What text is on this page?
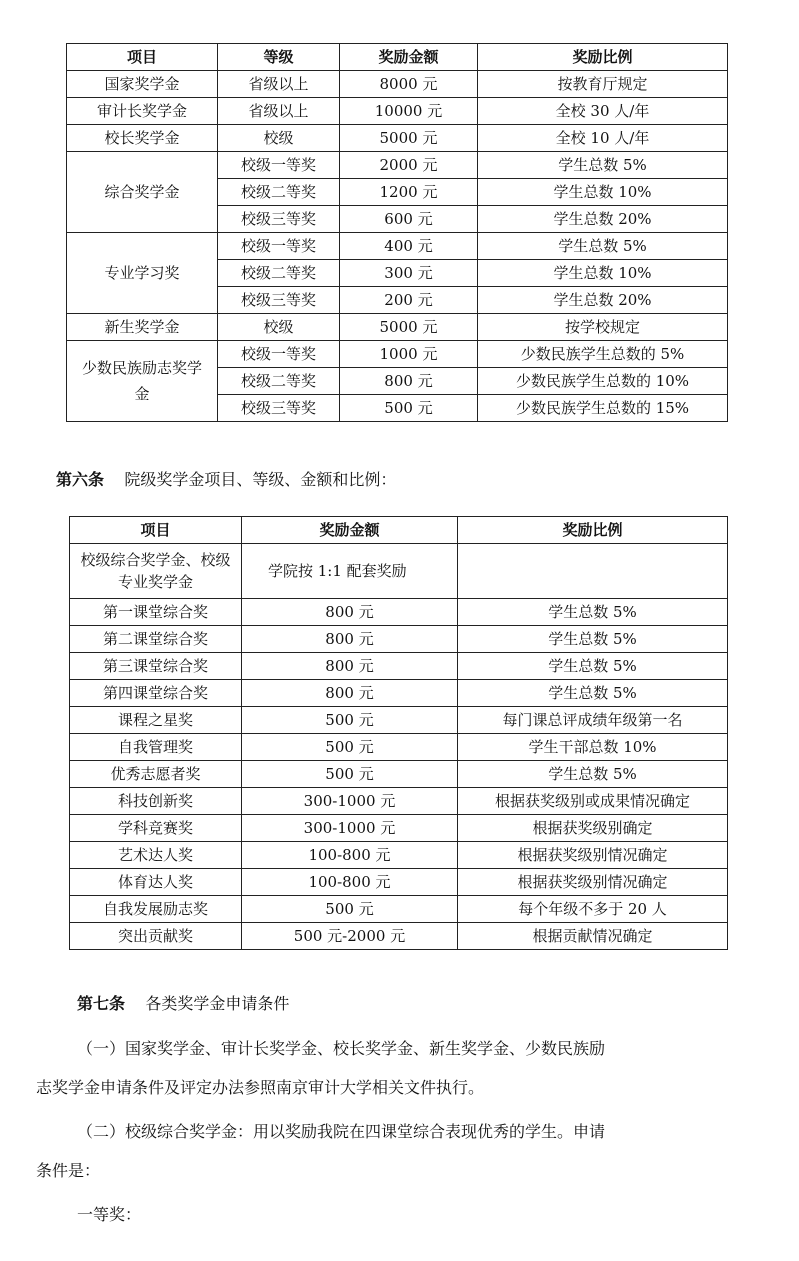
项目	等级	奖励金额	奖励比例
国家奖学金	省级以上	8000 元	按教育厅规定
审计长奖学金	省级以上	10000 元	全校 30 人/年
校长奖学金	校级	5000 元	全校 10 人/年
综合奖学金	校级一等奖	2000 元	学生总数 5%
	校级二等奖	1200 元	学生总数 10%
	校级三等奖	600 元	学生总数 20%
专业学习奖	校级一等奖	400 元	学生总数 5%
	校级二等奖	300 元	学生总数 10%
	校级三等奖	200 元	学生总数 20%
新生奖学金	校级	5000 元	按学校规定
少数民族励志奖学金	校级一等奖	1000 元	少数民族学生总数的 5%
	校级二等奖	800 元	少数民族学生总数的 10%
	校级三等奖	500 元	少数民族学生总数的 15%

第六条 院级奖学金项目、等级、金额和比例：

项目	奖励金额	奖励比例
校级综合奖学金、校级专业奖学金	学院按 1:1 配套奖励	
第一课堂综合奖	800 元	学生总数 5%
第二课堂综合奖	800 元	学生总数 5%
第三课堂综合奖	800 元	学生总数 5%
第四课堂综合奖	800 元	学生总数 5%
课程之星奖	500 元	每门课总评成绩年级第一名
自我管理奖	500 元	学生干部总数 10%
优秀志愿者奖	500 元	学生总数 5%
科技创新奖	300-1000 元	根据获奖级别或成果情况确定
学科竞赛奖	300-1000 元	根据获奖级别确定
艺术达人奖	100-800 元	根据获奖级别情况确定
体育达人奖	100-800 元	根据获奖级别情况确定
自我发展励志奖	500 元	每个年级不多于 20 人
突出贡献奖	500 元-2000 元	根据贡献情况确定

第七条 各类奖学金申请条件

（一）国家奖学金、审计长奖学金、校长奖学金、新生奖学金、少数民族励

志奖学金申请条件及评定办法参照南京审计大学相关文件执行。

（二）校级综合奖学金：用以奖励我院在四课堂综合表现优秀的学生。申请

条件是：

一等奖：
